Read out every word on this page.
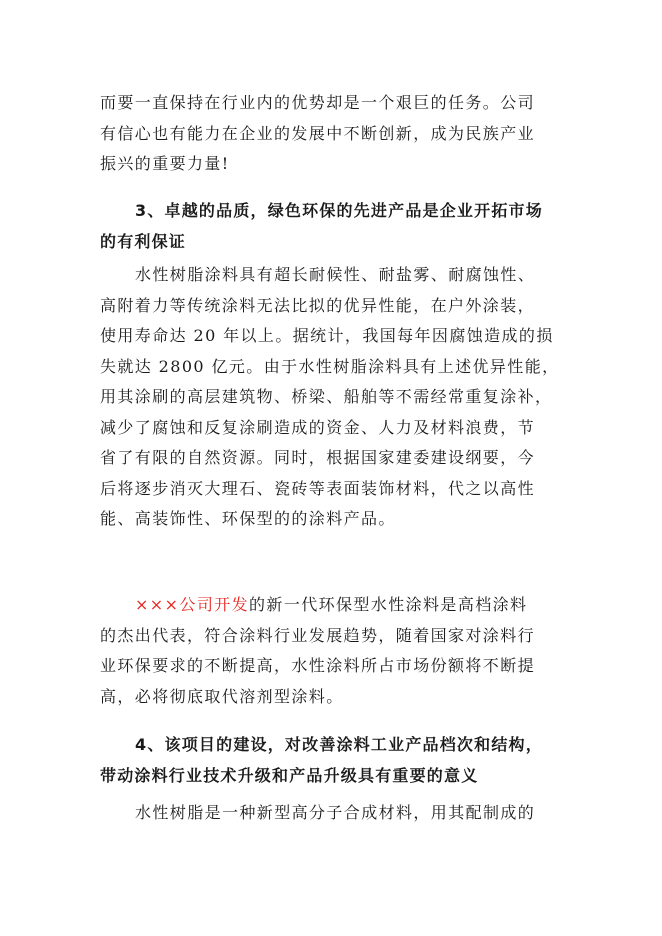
而要一直保持在行业内的优势却是一个艰巨的任务。公司
有信心也有能力在企业的发展中不断创新，成为民族产业
振兴的重要力量!
3、卓越的品质，绿色环保的先进产品是企业开拓市场
的有利保证
水性树脂涂料具有超长耐候性、耐盐雾、耐腐蚀性、
高附着力等传统涂料无法比拟的优异性能，在户外涂装，
使用寿命达 20 年以上。据统计，我国每年因腐蚀造成的损
失就达 2800 亿元。由于水性树脂涂料具有上述优异性能，
用其涂刷的高层建筑物、桥梁、船舶等不需经常重复涂补，
减少了腐蚀和反复涂刷造成的资金、人力及材料浪费，节
省了有限的自然资源。同时，根据国家建委建设纲要，今
后将逐步消灭大理石、瓷砖等表面装饰材料，代之以高性
能、高装饰性、环保型的的涂料产品。
×××公司开发的新一代环保型水性涂料是高档涂料
的杰出代表，符合涂料行业发展趋势，随着国家对涂料行
业环保要求的不断提高，水性涂料所占市场份额将不断提
高，必将彻底取代溶剂型涂料。
4、该项目的建设，对改善涂料工业产品档次和结构，
带动涂料行业技术升级和产品升级具有重要的意义
水性树脂是一种新型高分子合成材料，用其配制成的
